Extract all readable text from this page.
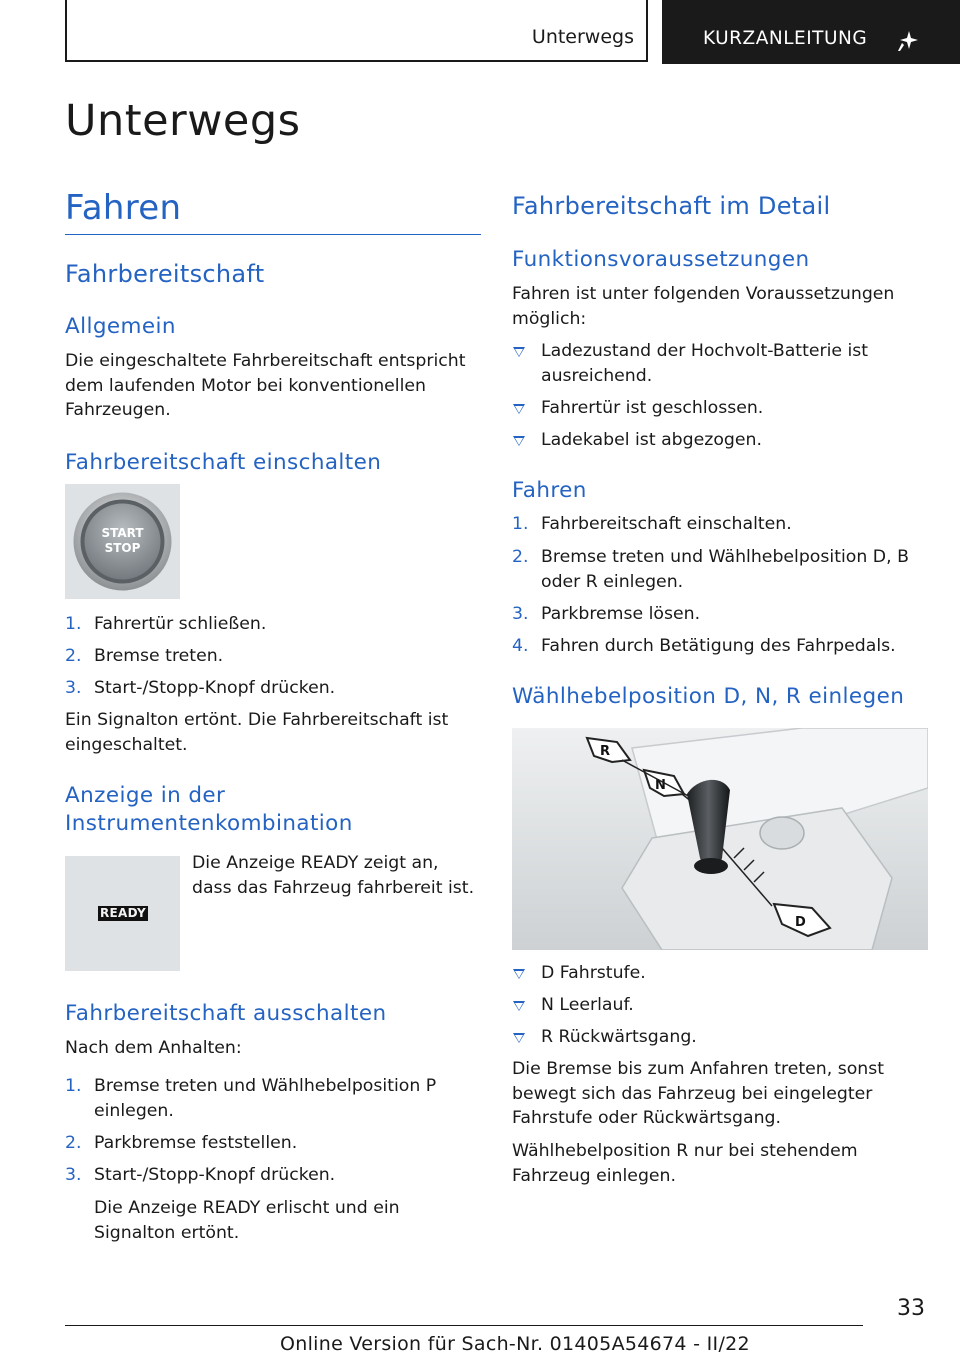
Unterwegs	KURZANLEITUNG
Unterwegs
Fahren
Fahrbereitschaft
Allgemein

Die eingeschaltete Fahrbereitschaft entspricht dem laufenden Motor bei konventionellen Fahrzeugen.

Fahrbereitschaft einschalten
START
STOP
1. Fahrertür schließen.
2. Bremse treten.
3. Start-/Stopp-Knopf drücken.

Ein Signalton ertönt. Die Fahrbereitschaft ist eingeschaltet.

Anzeige in der
Instrumentenkombination
READY

Die Anzeige READY zeigt an, dass das Fahrzeug fahrbereit ist.

Fahrbereitschaft ausschalten

Nach dem Anhalten:

1. Bremse treten und Wählhebelposition P einlegen.
2. Parkbremse feststellen.
3. Start-/Stopp-Knopf drücken.

Die Anzeige READY erlischt und ein Signalton ertönt.

Fahrbereitschaft im Detail
Funktionsvoraussetzungen

Fahren ist unter folgenden Voraussetzungen möglich:

Ladezustand der Hochvolt-Batterie ist ausreichend.
Fahrertür ist geschlossen.
Ladekabel ist abgezogen.
Fahren
1. Fahrbereitschaft einschalten.
2. Bremse treten und Wählhebelposition D, B oder R einlegen.
3. Parkbremse lösen.
4. Fahren durch Betätigung des Fahrpedals.
Wählhebelposition D, N, R einlegen
R
N
D
D Fahrstufe.
N Leerlauf.
R Rückwärtsgang.

Die Bremse bis zum Anfahren treten, sonst bewegt sich das Fahrzeug bei eingelegter Fahrstufe oder Rückwärtsgang.

Wählhebelposition R nur bei stehendem Fahrzeug einlegen.

33
Online Version für Sach-Nr. 01405A54674 - II/22
